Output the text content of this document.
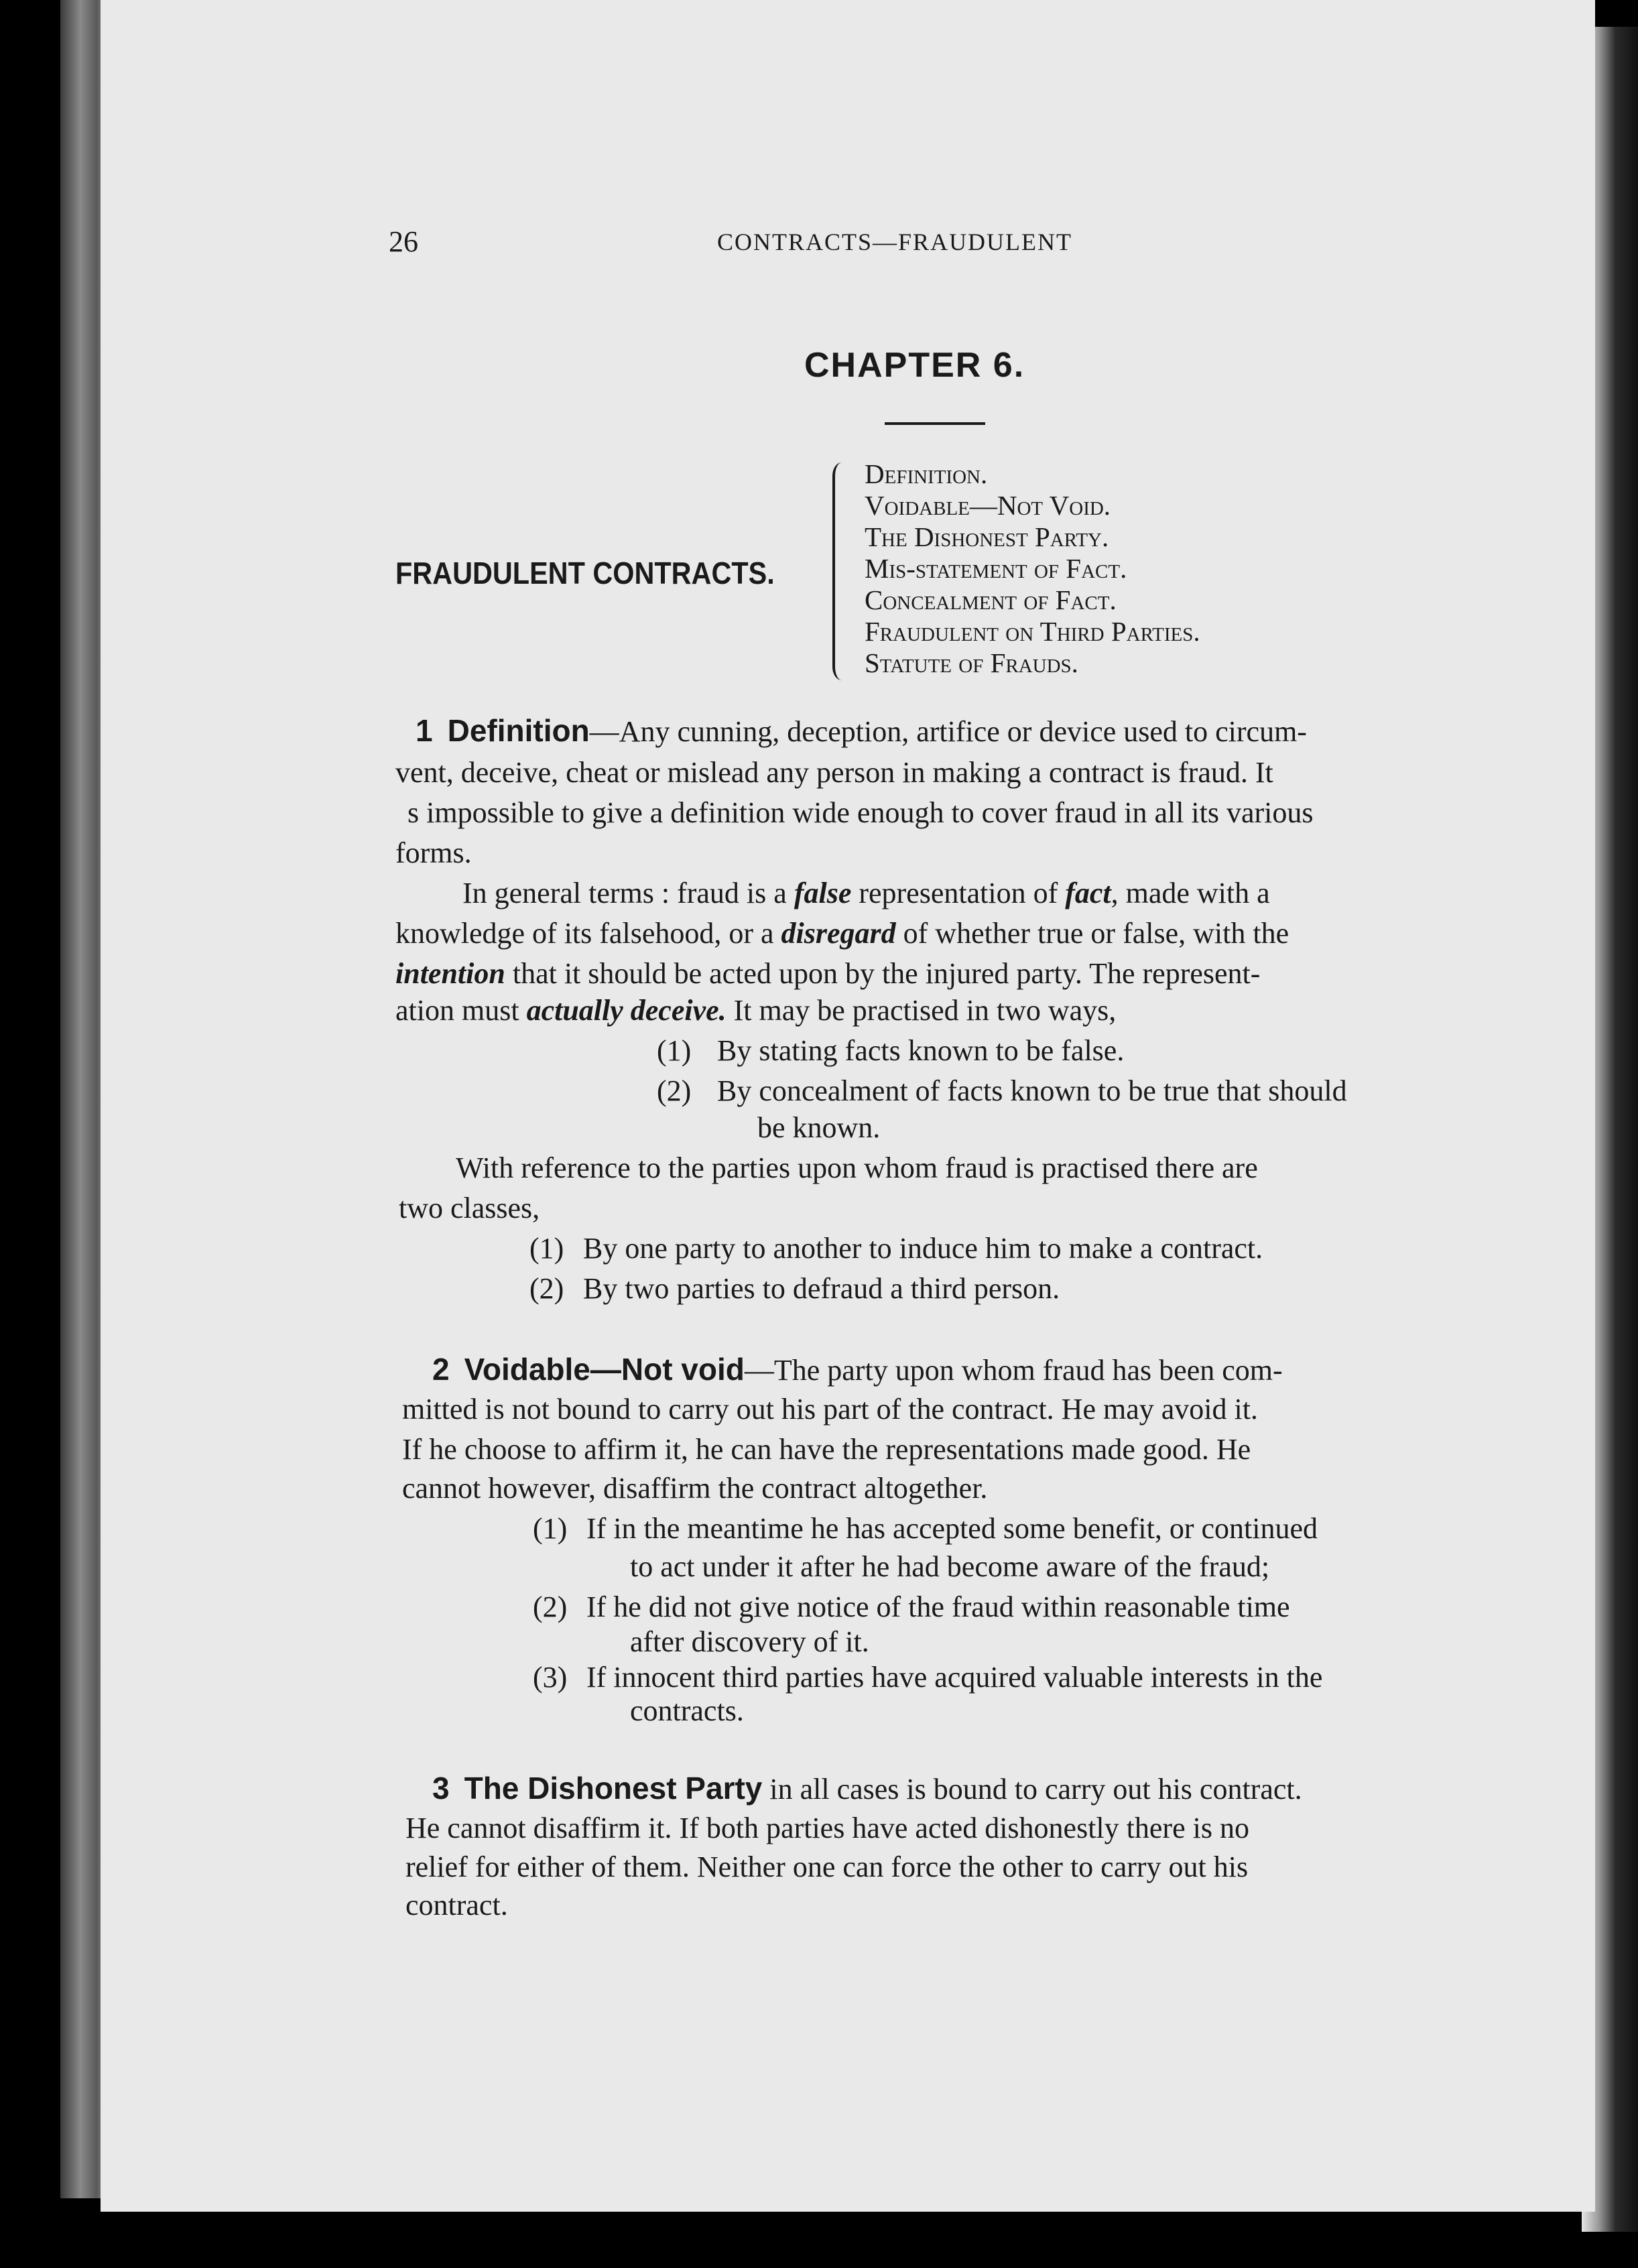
26	CONTRACTS—FRAUDULENT
CHAPTER 6.
FRAUDULENT CONTRACTS.
Definition.
Voidable—Not Void.
The Dishonest Party.
Mis-statement of Fact.
Concealment of Fact.
Fraudulent on Third Parties.
Statute of Frauds.
1 Definition—Any cunning, deception, artifice or device used to circum-
vent, deceive, cheat or mislead any person in making a contract is fraud. It
s impossible to give a definition wide enough to cover fraud in all its various
forms.
In general terms : fraud is a false representation of fact, made with a
knowledge of its falsehood, or a disregard of whether true or false, with the
intention that it should be acted upon by the injured party. The represent-
ation must actually deceive. It may be practised in two ways,
(1) By stating facts known to be false.
(2) By concealment of facts known to be true that should
be known.
With reference to the parties upon whom fraud is practised there are
two classes,
(1) By one party to another to induce him to make a contract.
(2) By two parties to defraud a third person.
2 Voidable—Not void—The party upon whom fraud has been com-
mitted is not bound to carry out his part of the contract. He may avoid it.
If he choose to affirm it, he can have the representations made good. He
cannot however, disaffirm the contract altogether.
(1) If in the meantime he has accepted some benefit, or continued
to act under it after he had become aware of the fraud;
(2) If he did not give notice of the fraud within reasonable time
after discovery of it.
(3) If innocent third parties have acquired valuable interests in the
contracts.
3 The Dishonest Party in all cases is bound to carry out his contract.
He cannot disaffirm it. If both parties have acted dishonestly there is no
relief for either of them. Neither one can force the other to carry out his
contract.
